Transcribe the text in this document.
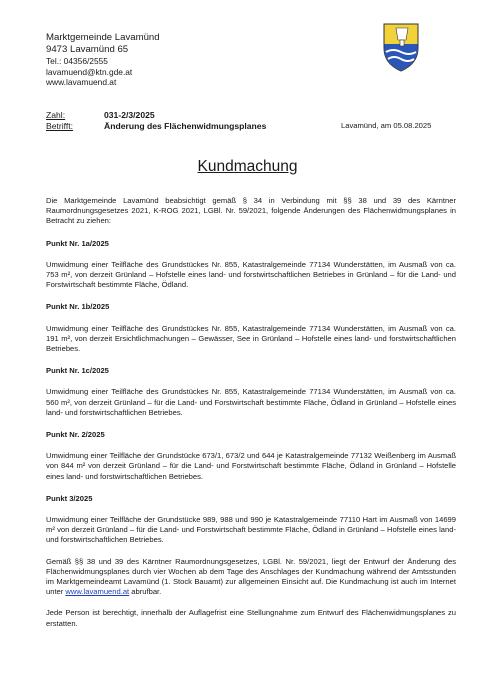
Marktgemeinde Lavamünd
9473 Lavamünd 65
Tel.: 04356/2555
lavamuend@ktn.gde.at
www.lavamuend.at
Zahl:	031-2/3/2025
Betrifft:	Änderung des Flächenwidmungsplanes	Lavamünd, am 05.08.2025
Kundmachung

Die Marktgemeinde Lavamünd beabsichtigt gemäß § 34 in Verbindung mit §§ 38 und 39 des Kärntner Raumordnungsgesetzes 2021, K-ROG 2021, LGBl. Nr. 59/2021, folgende Änderungen des Flächenwidmungsplanes in Betracht zu ziehen:

Punkt Nr. 1a/2025

Umwidmung einer Teilfläche des Grundstückes Nr. 855, Katastralgemeinde 77134 Wunderstätten, im Ausmaß von ca. 753 m², von derzeit Grünland – Hofstelle eines land- und forstwirtschaftlichen Betriebes in Grünland – für die Land- und Forstwirtschaft bestimmte Fläche, Ödland.

Punkt Nr. 1b/2025

Umwidmung einer Teilfläche des Grundstückes Nr. 855, Katastralgemeinde 77134 Wunderstätten, im Ausmaß von ca. 191 m², von derzeit Ersichtlichmachungen – Gewässer, See in Grünland – Hofstelle eines land- und forstwirtschaftlichen Betriebes.

Punkt Nr. 1c/2025

Umwidmung einer Teilfläche des Grundstückes Nr. 855, Katastralgemeinde 77134 Wunderstätten, im Ausmaß von ca. 560 m², von derzeit Grünland – für die Land- und Forstwirtschaft bestimmte Fläche, Ödland in Grünland – Hofstelle eines land- und forstwirtschaftlichen Betriebes.

Punkt Nr. 2/2025

Umwidmung einer Teilfläche der Grundstücke 673/1, 673/2 und 644 je Katastralgemeinde 77132 Weißenberg im Ausmaß von 844 m² von derzeit Grünland – für die Land- und Forstwirtschaft bestimmte Fläche, Ödland in Grünland – Hofstelle eines land- und forstwirtschaftlichen Betriebes.

Punkt 3/2025

Umwidmung einer Teilfläche der Grundstücke 989, 988 und 990 je Katastralgemeinde 77110 Hart im Ausmaß von 14699 m² von derzeit Grünland – für die Land- und Forstwirtschaft bestimmte Fläche, Ödland in Grünland – Hofstelle eines land- und forstwirtschaftlichen Betriebes.

Gemäß §§ 38 und 39 des Kärntner Raumordnungsgesetzes, LGBl. Nr. 59/2021, liegt der Entwurf der Änderung des Flächenwidmungsplanes durch vier Wochen ab dem Tage des Anschlages der Kundmachung während der Amtsstunden im Marktgemeindeamt Lavamünd (1. Stock Bauamt) zur allgemeinen Einsicht auf. Die Kundmachung ist auch im Internet unter www.lavamuend.at abrufbar.

Jede Person ist berechtigt, innerhalb der Auflagefrist eine Stellungnahme zum Entwurf des Flächenwidmungsplanes zu erstatten.
